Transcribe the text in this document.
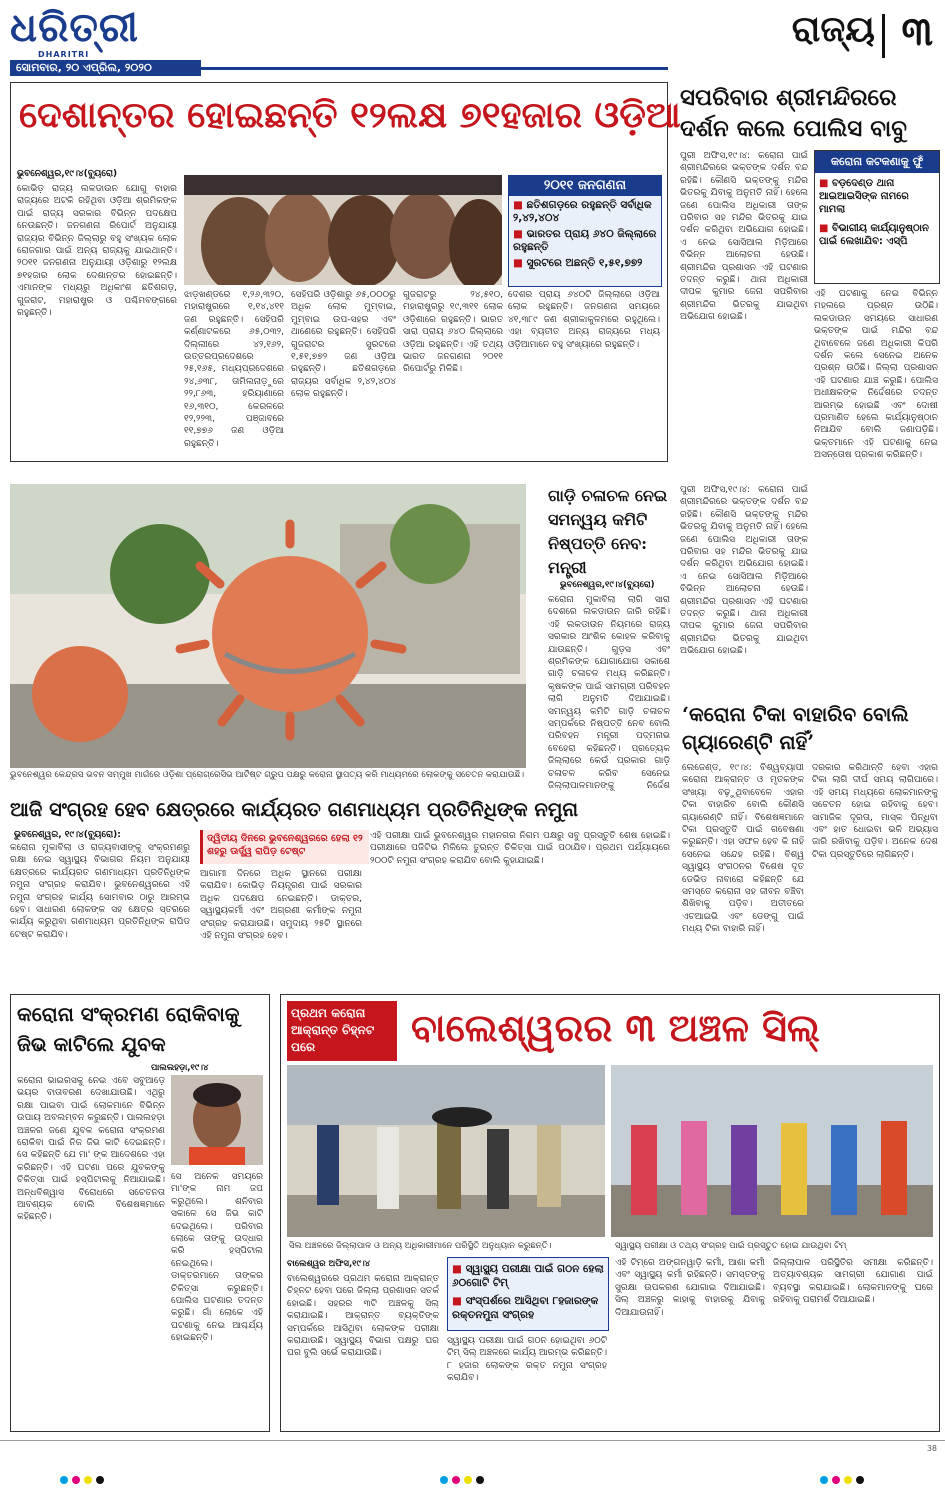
ଧରିତ୍ରୀ
DHARITRI
ସୋମବାର, ୨୦ ଏପ୍ରିଲ, ୨୦୨୦
ରାଜ୍ୟ ୩
ଦେଶାନ୍ତର ହୋଇଛନ୍ତି ୧୨ଲକ୍ଷ ୭୧ହଜାର ଓଡ଼ିଆ
ଭୁବନେଶ୍ୱର,୧୯।୪(ବ୍ୟୁରୋ)
କୋଭିଡ଼ ରାଜ୍ୟ ଲକଡାଉନ ଯୋଗୁ ବାହାର ରାଜ୍ୟରେ ଅଟକି ରହିଥିବା ଓଡ଼ିଆ ଶ୍ରମିକଙ୍କ ପାଇଁ ରାଜ୍ୟ ସରକାର ବିଭିନ୍ନ ପଦକ୍ଷେପ ନେଉଛନ୍ତି। ଜନଗଣନା ରିପୋର୍ଟ ଅନୁଯାୟୀ ରାଜ୍ୟର ବିଭିନ୍ନ ଜିଲ୍ଲାରୁ ବହୁ ସଂଖ୍ୟକ ଲୋକ ରୋଜଗାର ପାଇଁ ଅନ୍ୟ ରାଜ୍ୟକୁ ଯାଇଥାନ୍ତି। ୨୦୧୧ ଜନଗଣନା ଅନୁଯାୟୀ ଓଡ଼ିଶାରୁ ୧୨ଲକ୍ଷ ୭୧ହଜାର ଲୋକ ଦେଶାନ୍ତର ହୋଇଛନ୍ତି। ଏମାନଙ୍କ ମଧ୍ୟରୁ ଅଧିକାଂଶ ଛତିଶଗଡ଼, ଗୁଜରାଟ, ମହାରାଷ୍ଟ୍ର ଓ ପଶ୍ଚିମବଙ୍ଗରେ ରହୁଛନ୍ତି।
ଝାଡ଼ଖଣ୍ଡରେ ୧,୨୬,୩୨୦, ମହାରାଷ୍ଟ୍ରରେ ୧,୧୪,୪୧୧ ଜଣ ରହୁଛନ୍ତି। ସେହିପରି କର୍ଣ୍ଣାଟକରେ ୬୫,୦୩୨, ଦିଲ୍ଲୀରେ ୪୨,୧୬୨, ଉତ୍ତରପ୍ରଦେଶରେ ୨୫,୧୬୫, ମଧ୍ୟପ୍ରଦେଶରେ ୨୪,୬୩୮, ତାମିଲନାଡ଼ୁରେ ୨୨,୮୬୩, ହରିୟାଣାରେ ୧୬,୩୧୦, କେରଳରେ ୧୨,୨୨୩, ପଞ୍ଜାବରେ ୧୧,୭୭୬ ଜଣ ଓଡ଼ିଆ ରହୁଛନ୍ତି।
ସେହିପରି ଓଡ଼ିଶାରୁ ୬୫,୦୦୦ରୁ ଅଧିକ ଲୋକ ମୁମ୍ବାଇ, ମୁମ୍ବାଇ ଉପ-ସହର ଏବଂ ଥାଣେରେ ରହୁଛନ୍ତି। ସେହିପରି ଗୁଜରାଟର ସୁରଟରେ ୧,୫୧,୭୭୨ ଜଣ ଓଡ଼ିଆ ରହୁଛନ୍ତି। ଛତିଶଗଡ଼ରେ ରାଜ୍ୟର ସର୍ବାଧିକ ୨,୪୨,୪୦୪ ଲୋକ ରହୁଛନ୍ତି।
ଗୁଜରାଟରୁ ୨୪,୫୧୦, ମହାରାଷ୍ଟ୍ରରୁ ୧୯,୩୧୧ ଲୋକ ଓଡ଼ିଶାରେ ରହୁଛନ୍ତି। ଭାରତ ସାରା ପ୍ରାୟ ୬୪୦ ଜିଲ୍ଲାରେ ଓଡ଼ିଆ ରହୁଛନ୍ତି। ଏହି ତଥ୍ୟ ଭାରତ ଜନଗଣନା ୨୦୧୧ ରିପୋର୍ଟରୁ ମିଳିଛି।
ଦେଶର ପ୍ରାୟ ୬୪୦ଟି ଜିଲ୍ଲାରେ ଓଡ଼ିଆ ଲୋକ ରହୁଛନ୍ତି। ଜନଗଣନା ସମୟରେ ୪୧,୩୮୯ ଜଣ ଶ୍ରୀକାକୁଳମରେ ରହୁଥିଲେ। ଏହା ବ୍ୟତୀତ ଅନ୍ୟ ରାଜ୍ୟରେ ମଧ୍ୟ ଓଡ଼ିଆମାନେ ବହୁ ସଂଖ୍ୟାରେ ରହୁଛନ୍ତି।
୨୦୧୧ ଜନଗଣନା
■ ଛତିଶଗଡ଼ରେ ରହୁଛନ୍ତି ସର୍ବାଧିକ ୨,୪୨,୪୦୪
■ ଭାରତର ପ୍ରାୟ ୬୪୦ ଜିଲ୍ଲାରେ ରହୁଛନ୍ତି
■ ସୁରଟରେ ଅଛନ୍ତି ୧,୫୧,୭୭୨
ସପରିବାର ଶ୍ରୀମନ୍ଦିରରେ ଦର୍ଶନ କଲେ ପୋଲିସ ବାବୁ
ପୁରୀ ଅଫିସ,୧୯।୪: କରୋନା ପାଇଁ ଶ୍ରୀମନ୍ଦିରରେ ଭକ୍ତଙ୍କ ଦର୍ଶନ ବନ୍ଦ ରହିଛି। କୌଣସି ଭକ୍ତଙ୍କୁ ମନ୍ଦିର ଭିତରକୁ ଯିବାକୁ ଅନୁମତି ନାହିଁ। ହେଲେ ଜଣେ ପୋଲିସ ଅଧିକାରୀ ତାଙ୍କ ପରିବାର ସହ ମନ୍ଦିର ଭିତରକୁ ଯାଇ ଦର୍ଶନ କରିଥିବା ଅଭିଯୋଗ ହୋଇଛି। ଏ ନେଇ ସୋସିଆଲ ମିଡ଼ିଆରେ ବିଭିନ୍ନ ଆଲୋଚନା ହେଉଛି। ଶ୍ରୀମନ୍ଦିର ପ୍ରଶାସନ ଏହି ଘଟଣାର ତଦନ୍ତ କରୁଛି। ଥାନା ଅଧିକାରୀ ଦୀପକ କୁମାର ଜେନା ସପରିବାର ଶ୍ରୀମନ୍ଦିର ଭିତରକୁ ଯାଇଥିବା ଅଭିଯୋଗ ହୋଇଛି।
କରୋନା କଟକଣାକୁ ଫୁଁ
■ ବଡ଼ଦେଣ୍ଡ ଥାନା ଆଇଆଇସିଙ୍କ ନାମରେ ମାମଲା
■ ବିଭାଗୀୟ କାର୍ଯ୍ୟାନୁଷ୍ଠାନ ପାଇଁ ଲେଖାଯିବ: ଏସ୍‌ପି
ଏହି ଘଟଣାକୁ ନେଇ ବିଭିନ୍ନ ମହଲରେ ପ୍ରଶ୍ନ ଉଠିଛି। ଲକଡାଉନ ସମୟରେ ସାଧାରଣ ଭକ୍ତଙ୍କ ପାଇଁ ମନ୍ଦିର ବନ୍ଦ ଥିବାବେଳେ ଜଣେ ଅଧିକାରୀ କିପରି ଦର୍ଶନ କଲେ ସେନେଇ ଅନେକ ପ୍ରଶ୍ନ ଉଠିଛି। ଜିଲ୍ଲା ପ୍ରଶାସନ ଏହି ଘଟଣାର ଯାଞ୍ଚ କରୁଛି। ପୋଲିସ ଅଧୀକ୍ଷକଙ୍କ ନିର୍ଦ୍ଦେଶରେ ତଦନ୍ତ ଆରମ୍ଭ ହୋଇଛି ଏବଂ ଦୋଷୀ ପ୍ରମାଣିତ ହେଲେ କାର୍ଯ୍ୟାନୁଷ୍ଠାନ ନିଆଯିବ ବୋଲି ଜଣାପଡ଼ିଛି। ଭକ୍ତମାନେ ଏହି ଘଟଣାକୁ ନେଇ ଅସନ୍ତୋଷ ପ୍ରକାଶ କରିଛନ୍ତି।
ପୁରୀ ଅଫିସ,୧୯।୪: କରୋନା ପାଇଁ ଶ୍ରୀମନ୍ଦିରରେ ଭକ୍ତଙ୍କ ଦର୍ଶନ ବନ୍ଦ ରହିଛି। କୌଣସି ଭକ୍ତଙ୍କୁ ମନ୍ଦିର ଭିତରକୁ ଯିବାକୁ ଅନୁମତି ନାହିଁ। ହେଲେ ଜଣେ ପୋଲିସ ଅଧିକାରୀ ତାଙ୍କ ପରିବାର ସହ ମନ୍ଦିର ଭିତରକୁ ଯାଇ ଦର୍ଶନ କରିଥିବା ଅଭିଯୋଗ ହୋଇଛି। ଏ ନେଇ ସୋସିଆଲ ମିଡ଼ିଆରେ ବିଭିନ୍ନ ଆଲୋଚନା ହେଉଛି। ଶ୍ରୀମନ୍ଦିର ପ୍ରଶାସନ ଏହି ଘଟଣାର ତଦନ୍ତ କରୁଛି। ଥାନା ଅଧିକାରୀ ଦୀପକ କୁମାର ଜେନା ସପରିବାର ଶ୍ରୀମନ୍ଦିର ଭିତରକୁ ଯାଇଥିବା ଅଭିଯୋଗ ହୋଇଛି।
ଭୁବନେଶ୍ୱର କେନ୍ଦ୍ରସ ଭବନ ସମ୍ମୁଖ ମାର୍ଗରେ ଓଡ଼ିଶା ପ୍ରୋଗ୍ରେସିଭ ଆର୍ଟିଷ୍ଟ ଗ୍ରୁପ ପକ୍ଷରୁ କରୋନା ସ୍ଥାପତ୍ୟ କରି ମାଧ୍ୟମରେ ଲୋକଙ୍କୁ ସଚେତନ କରାଯାଉଛି।
ଗାଡ଼ି ଚଳାଚଳ ନେଇ ସମନ୍ୱୟ କମିଟି ନିଷ୍ପତ୍ତି ନେବ: ମନ୍ତ୍ରୀ
ଭୁବନେଶ୍ୱର,୧୯।୪(ବ୍ୟୁରୋ)
କରୋନା ମୁକାବିଲା ଲାଗି ସାରା ଦେଶରେ ଲକଡାଉନ ଜାରି ରହିଛି। ଏହି ଲକଡାଉନ ନିୟମରେ ରାଜ୍ୟ ସରକାର ଆଂଶିକ କୋହଳ କରିବାକୁ ଯାଉଛନ୍ତି। ଗୁଡ଼ସ ଏବଂ ଶ୍ରମିକଙ୍କ ଯୋଗାଯୋଗ ସକାଶେ ଗାଡ଼ି ଚଳାଚଳ ମଧ୍ୟ କରିଛନ୍ତି। କୃଷକଙ୍କ ପାଇଁ ସାମଗ୍ରୀ ପରିବହନ ଲାଗି ଅନୁମତି ଦିଆଯାଇଛି। ସମନ୍ୱୟ କମିଟି ଗାଡ଼ି ଚଳାଚଳ ସମ୍ପର୍କରେ ନିଷ୍ପତ୍ତି ନେବ ବୋଲି ପରିବହନ ମନ୍ତ୍ରୀ ପଦ୍ମନାଭ ବେହେରା କହିଛନ୍ତି। ପ୍ରତ୍ୟେକ ଜିଲ୍ଲାରେ କେଉଁ ପ୍ରକାର ଗାଡ଼ି ଚଳାଚଳ କରିବ ସେନେଇ ଜିଲ୍ଲାପାଳମାନଙ୍କୁ ନିର୍ଦ୍ଦେଶ
‘କରୋନା ଟିକା ବାହାରିବ ବୋଲି ଗ୍ୟାରେଣ୍ଟି ନାହିଁ’
ଲେଜେଣ୍ଡ, ୧୯।୪: ବିଶ୍ୱବ୍ୟାପୀ କରୋନା ଆକ୍ରାନ୍ତ ଓ ମୃତକଙ୍କ ସଂଖ୍ୟା ବଢ଼ୁଥିବାବେଳେ ଏହାର ଟିକା ବାହାରିବ ବୋଲି କୌଣସି ଗ୍ୟାରେଣ୍ଟି ନାହିଁ। ବିଶେଷଜ୍ଞମାନେ ଟିକା ପ୍ରସ୍ତୁତି ପାଇଁ ଗବେଷଣା କରୁଛନ୍ତି। ଏହା ସଫଳ ହେବ କି ନାହିଁ ସେନେଇ ସନ୍ଦେହ ରହିଛି। ବିଶ୍ୱ ସ୍ୱାସ୍ଥ୍ୟ ସଂଗଠନର ବିଶେଷ ଦୂତ ଡେଭିଡ ନାବାରୋ କହିଛନ୍ତି ଯେ ସମସ୍ତେ କରୋନା ସହ ଜୀବନ ବଞ୍ଚିବା ଶିଖିବାକୁ ପଡ଼ିବ। ଅତୀତରେ ଏଚଆଇଭି ଏବଂ ଡେଙ୍ଗୁ ପାଇଁ ମଧ୍ୟ ଟିକା ବାହାରି ନାହିଁ।
ଦରକାର କରିଥାନ୍ତି ହେବା ଏହାର ଟିକା ଲାଗି ଦୀର୍ଘ ସମୟ ଲାଗିପାରେ। ଏହି ସମୟ ମଧ୍ୟରେ ଲୋକମାନଙ୍କୁ ସଚେତନ ହୋଇ ରହିବାକୁ ହେବ। ସାମାଜିକ ଦୂରତା, ମାସ୍କ ପିନ୍ଧିବା ଏବଂ ହାତ ଧୋଇବା ଭଳି ଅଭ୍ୟାସ ଜାରି ରଖିବାକୁ ପଡ଼ିବ। ଅନେକ ଦେଶ ଟିକା ପ୍ରସ୍ତୁତିରେ ଲାଗିଛନ୍ତି।
ଆଜି ସଂଗ୍ରହ ହେବ କ୍ଷେତ୍ରରେ କାର୍ଯ୍ୟରତ ଗଣମାଧ୍ୟମ ପ୍ରତିନିଧିଙ୍କ ନମୁନା
ଭୁବନେଶ୍ୱର, ୧୯।୪(ବ୍ୟୁରୋ):
କରୋନା ମୁକାବିଲା ଓ ରାଜ୍ୟବାସୀଙ୍କୁ ସଂକ୍ରମଣରୁ ରକ୍ଷା ନେଇ ସ୍ୱାସ୍ଥ୍ୟ ବିଭାଗର ନିୟମ ଅନୁଯାୟୀ କ୍ଷେତ୍ରରେ କାର୍ଯ୍ୟରତ ଗଣମାଧ୍ୟମ ପ୍ରତିନିଧିଙ୍କ ନମୁନା ସଂଗ୍ରହ କରାଯିବ। ଭୁବନେଶ୍ୱରରେ ଏହି ନମୁନା ସଂଗ୍ରହ କାର୍ଯ୍ୟ ସୋମବାର ଠାରୁ ଆରମ୍ଭ ହେବ। ସାଧାରଣ ଲୋକଙ୍କ ସହ କ୍ଷେତ୍ର ସ୍ତରରେ କାର୍ଯ୍ୟ କରୁଥିବା ଗଣମାଧ୍ୟମ ପ୍ରତିନିଧିଙ୍କ ରାପିଡ ଟେଷ୍ଟ କରାଯିବ।
ଦ୍ୱିତୀୟ ଦିନରେ ଭୁବନେଶ୍ୱରରେ ହେଲା ୧୨ ଶହରୁ ଊର୍ଦ୍ଧ୍ୱ ରାପିଡ଼ ଟେଷ୍ଟ
ଆଗାମୀ ଦିନରେ ଅଧିକ ସ୍ଥାନରେ ପରୀକ୍ଷା କରାଯିବ। କୋଭିଡ଼ ନିୟନ୍ତ୍ରଣ ପାଇଁ ସରକାର ଅଧିକ ପଦକ୍ଷେପ ନେଇଛନ୍ତି। ଡାକ୍ତର, ସ୍ୱାସ୍ଥ୍ୟକର୍ମୀ ଏବଂ ଅଗ୍ରଣୀ କର୍ମୀଙ୍କ ନମୁନା ସଂଗ୍ରହ କରାଯାଉଛି। ସମୁଦାୟ ୨୫ଟି ସ୍ଥାନରେ ଏହି ନମୁନା ସଂଗ୍ରହ ହେବ।
ଏହି ପରୀକ୍ଷା ପାଇଁ ଭୁବନେଶ୍ୱର ମହାନଗର ନିଗମ ପକ୍ଷରୁ ସବୁ ପ୍ରସ୍ତୁତି ଶେଷ ହୋଇଛି। ପରୀକ୍ଷାରେ ପଜିଟିଭ ମିଳିଲେ ତୁରନ୍ତ ଚିକିତ୍ସା ପାଇଁ ପଠାଯିବ। ପ୍ରଥମ ପର୍ଯ୍ୟାୟରେ ୨୦୦ଟି ନମୁନା ସଂଗ୍ରହ କରାଯିବ ବୋଲି କୁହାଯାଇଛି।
କରୋନା ସଂକ୍ରମଣ ରୋକିବାକୁ ଜିଭ କାଟିଲେ ଯୁବକ
ପାଲଲହଡ଼ା,୧୯।୪
କରୋନା ଭାଇରସକୁ ନେଇ ଏବେ ସବୁଆଡ଼େ ଭୟର ବାତାବରଣ ଦେଖାଯାଉଛି। ଏଥିରୁ ରକ୍ଷା ପାଇବା ପାଇଁ ଲୋକମାନେ ବିଭିନ୍ନ ଉପାୟ ଅବଲମ୍ବନ କରୁଛନ୍ତି। ପାଲଲହଡ଼ା ଅଞ୍ଚଳର ଜଣେ ଯୁବକ କରୋନା ସଂକ୍ରମଣ ରୋକିବା ପାଇଁ ନିଜ ଜିଭ କାଟି ଦେଇଛନ୍ତି। ସେ କହିଛନ୍ତି ଯେ ମା' ଙ୍କ ଆଦେଶରେ ଏହା କରିଛନ୍ତି। ଏହି ଘଟଣା ପରେ ଯୁବକଙ୍କୁ ଚିକିତ୍ସା ପାଇଁ ହସ୍ପିଟାଲକୁ ନିଆଯାଇଛି। ଅନ୍ଧବିଶ୍ୱାସ ବିରୋଧରେ ସଚେତନତା ଆବଶ୍ୟକ ବୋଲି ବିଶେଷଜ୍ଞମାନେ କହିଛନ୍ତି।
ସେ ଅନେକ ସମୟରେ ମା'ଙ୍କ ନାମ ଜପ କରୁଥିଲେ। ଶନିବାର ସକାଳେ ସେ ଜିଭ କାଟି ଦେଇଥିଲେ। ପରିବାର ଲୋକେ ତାଙ୍କୁ ଉଦ୍ଧାର କରି ହସ୍ପିଟାଲ ନେଇଥିଲେ। ଡାକ୍ତରମାନେ ତାଙ୍କର ଚିକିତ୍ସା କରୁଛନ୍ତି। ପୋଲିସ ଘଟଣାର ତଦନ୍ତ କରୁଛି। ଗାଁ ଲୋକେ ଏହି ଘଟଣାକୁ ନେଇ ଆଶ୍ଚର୍ଯ୍ୟ ହୋଇଛନ୍ତି।
ପ୍ରଥମ କରୋନା ଆକ୍ରାନ୍ତ ଚିହ୍ନଟ ପରେ	ବାଲେଶ୍ୱରର ୩ ଅଞ୍ଚଳ ସିଲ୍‌
ସିଲ ଅଞ୍ଚଳରେ ଜିଲ୍ଲାପାଳ ଓ ଅନ୍ୟ ଅଧିକାରୀମାନେ ପରିସ୍ଥିତି ଅନୁଧ୍ୟାନ କରୁଛନ୍ତି।	ସ୍ୱାସ୍ଥ୍ୟ ପରୀକ୍ଷା ଓ ତଥ୍ୟ ସଂଗ୍ରହ ପାଇଁ ପ୍ରସ୍ତୁତ ହୋଇ ଯାଉଥିବା ଟିମ୍‌
ବାଲେଶ୍ୱର ଅଫିସ,୧୯।୪
ବାଲେଶ୍ୱରରେ ପ୍ରଥମ କରୋନା ଆକ୍ରାନ୍ତ ଚିହ୍ନଟ ହେବା ପରେ ଜିଲ୍ଲା ପ୍ରଶାସନ ସତର୍କ ହୋଇଛି। ସହରର ୩ଟି ଅଞ୍ଚଳକୁ ସିଲ୍ କରାଯାଇଛି। ଆକ୍ରାନ୍ତ ବ୍ୟକ୍ତିଙ୍କ ସମ୍ପର୍କରେ ଆସିଥିବା ଲୋକଙ୍କ ପରୀକ୍ଷା କରାଯାଉଛି। ସ୍ୱାସ୍ଥ୍ୟ ବିଭାଗ ପକ୍ଷରୁ ଘର ଘର ବୁଲି ସର୍ଭେ କରାଯାଉଛି।
■ ସ୍ୱାସ୍ଥ୍ୟ ପରୀକ୍ଷା ପାଇଁ ଗଠନ ହେଲା ୬୦ଗୋଟି ଟିମ୍
■ ସଂସ୍ପର୍ଶରେ ଆସିଥିବା ୮ହଜାରଙ୍କ ରକ୍ତନମୁନା ସଂଗ୍ରହ
ସ୍ୱାସ୍ଥ୍ୟ ପରୀକ୍ଷା ପାଇଁ ଗଠନ ହୋଇଥିବା ୬୦ଟି ଟିମ୍ ସିଲ୍ ଅଞ୍ଚଳରେ କାର୍ଯ୍ୟ ଆରମ୍ଭ କରିଛନ୍ତି। ୮ ହଜାର ଲୋକଙ୍କ ରକ୍ତ ନମୁନା ସଂଗ୍ରହ କରାଯିବ।
ଏହି ଟିମ୍‌ରେ ଅଙ୍ଗନୱାଡ଼ି କର୍ମୀ, ଆଶା କର୍ମୀ ଏବଂ ସ୍ୱାସ୍ଥ୍ୟ କର୍ମୀ ରହିଛନ୍ତି। ସମସ୍ତଙ୍କୁ ସୁରକ୍ଷା ଉପକରଣ ଯୋଗାଇ ଦିଆଯାଇଛି। ସିଲ୍ ଅଞ୍ଚଳରୁ କାହାକୁ ବାହାରକୁ ଯିବାକୁ ଦିଆଯାଉନାହିଁ।
ଜିଲ୍ଲାପାଳ ପରିସ୍ଥିତିର ସମୀକ୍ଷା କରିଛନ୍ତି। ଅତ୍ୟାବଶ୍ୟକ ସାମଗ୍ରୀ ଯୋଗାଣ ପାଇଁ ବ୍ୟବସ୍ଥା କରାଯାଇଛି। ଲୋକମାନଙ୍କୁ ଘରେ ରହିବାକୁ ପରାମର୍ଶ ଦିଆଯାଇଛି।
38
